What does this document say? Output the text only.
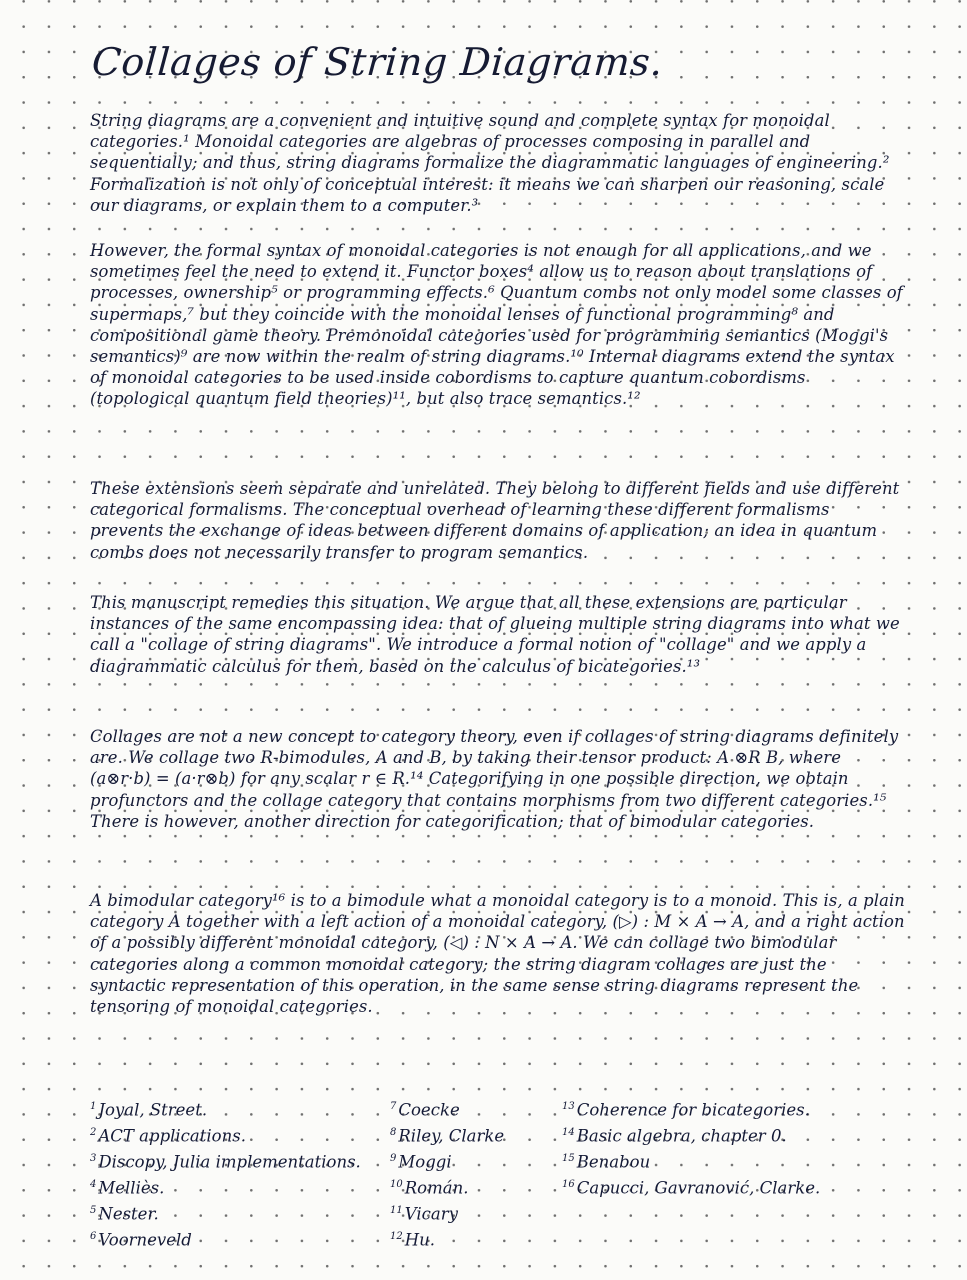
Collages of String Diagrams.

String diagrams are a convenient and intuitive sound and complete syntax for monoidal categories.¹ Monoidal categories are algebras of processes composing in parallel and sequentially; and thus, string diagrams formalize the diagrammatic languages of engineering.² Formalization is not only of conceptual interest: it means we can sharpen our reasoning, scale our diagrams, or explain them to a computer.³

However, the formal syntax of monoidal categories is not enough for all applications, and we sometimes feel the need to extend it. Functor boxes⁴ allow us to reason about translations of processes, ownership⁵ or programming effects.⁶ Quantum combs not only model some classes of supermaps,⁷ but they coincide with the monoidal lenses of functional programming⁸ and compositional game theory. Premonoidal categories used for programming semantics (Moggi's semantics)⁹ are now within the realm of string diagrams.¹⁰ Internal diagrams extend the syntax of monoidal categories to be used inside cobordisms to capture quantum cobordisms (topological quantum field theories)¹¹, but also trace semantics.¹²

These extensions seem separate and unrelated. They belong to different fields and use different categorical formalisms. The conceptual overhead of learning these different formalisms prevents the exchange of ideas between different domains of application; an idea in quantum combs does not necessarily transfer to program semantics.

This manuscript remedies this situation. We argue that all these extensions are particular instances of the same encompassing idea: that of glueing multiple string diagrams into what we call a "collage of string diagrams". We introduce a formal notion of "collage" and we apply a diagrammatic calculus for them, based on the calculus of bicategories.¹³

Collages are not a new concept to category theory, even if collages of string diagrams definitely are. We collage two R-bimodules, A and B, by taking their tensor product: A ⊗R B, where (a⊗r·b) = (a·r⊗b) for any scalar r ∈ R.¹⁴ Categorifying in one possible direction, we obtain profunctors and the collage category that contains morphisms from two different categories.¹⁵ There is however, another direction for categorification; that of bimodular categories.

A bimodular category¹⁶ is to a bimodule what a monoidal category is to a monoid. This is, a plain category A together with a left action of a monoidal category, (▷) : M × A → A, and a right action of a possibly different monoidal category, (◁) : N × A → A. We can collage two bimodular categories along a common monoidal category; the string diagram collages are just the syntactic representation of this operation, in the same sense string diagrams represent the tensoring of monoidal categories.

$^1$ Joyal, Street.
$^2$ ACT applications.
$^3$ Discopy, Julia implementations.
$^4$ Melliès.
$^5$ Nester.
$^6$ Voorneveld
$^7$ Coecke
$^8$ Riley, Clarke
$^9$ Moggi
$^{10}$ Román.
$^{11}$ Vicary
$^{12}$ Hu.
$^{13}$ Coherence for bicategories.
$^{14}$ Basic algebra, chapter 0.
$^{15}$ Benabou
$^{16}$ Capucci, Gavranović, Clarke.
